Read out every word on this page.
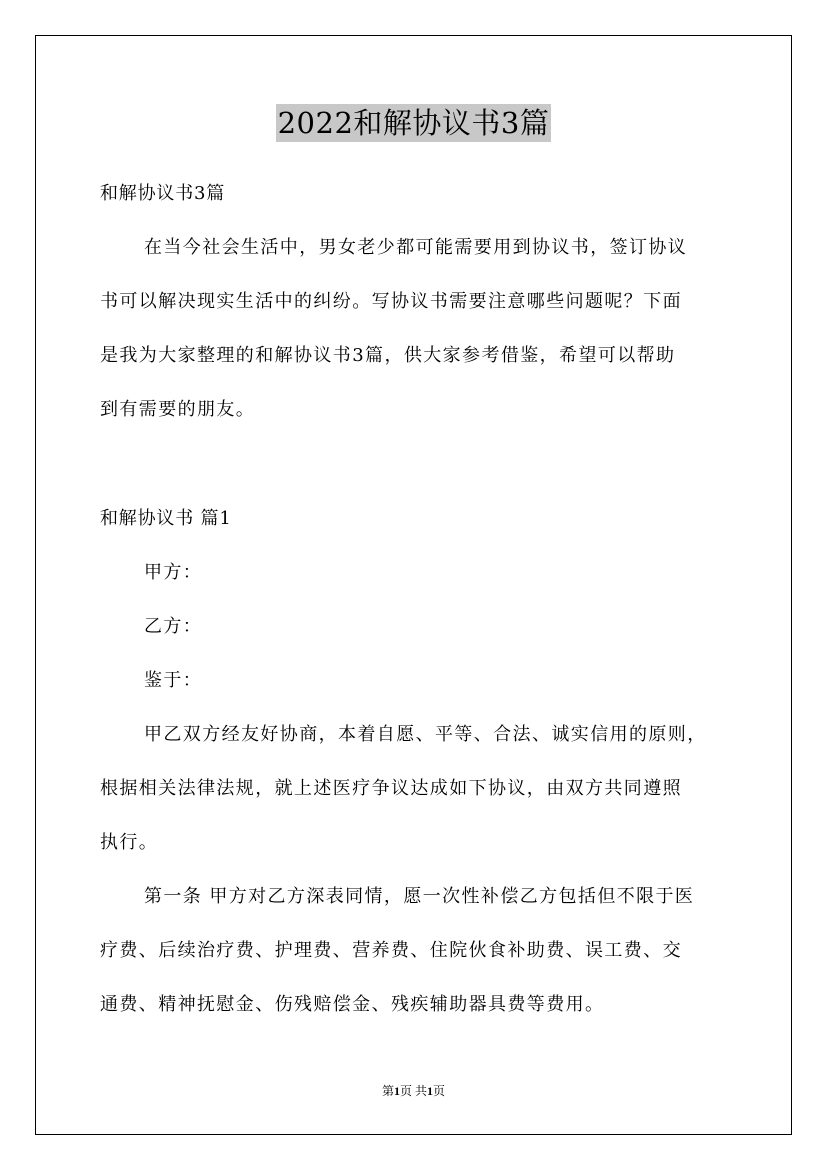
2022和解协议书3篇
和解协议书3篇
在当今社会生活中，男女老少都可能需要用到协议书，签订协议
书可以解决现实生活中的纠纷。写协议书需要注意哪些问题呢？下面
是我为大家整理的和解协议书3篇，供大家参考借鉴，希望可以帮助
到有需要的朋友。
和解协议书 篇1
甲方：
乙方：
鉴于：
甲乙双方经友好协商，本着自愿、平等、合法、诚实信用的原则，
根据相关法律法规，就上述医疗争议达成如下协议，由双方共同遵照
执行。
第一条 甲方对乙方深表同情，愿一次性补偿乙方包括但不限于医
疗费、后续治疗费、护理费、营养费、住院伙食补助费、误工费、交
通费、精神抚慰金、伤残赔偿金、残疾辅助器具费等费用。
第1页 共1页
